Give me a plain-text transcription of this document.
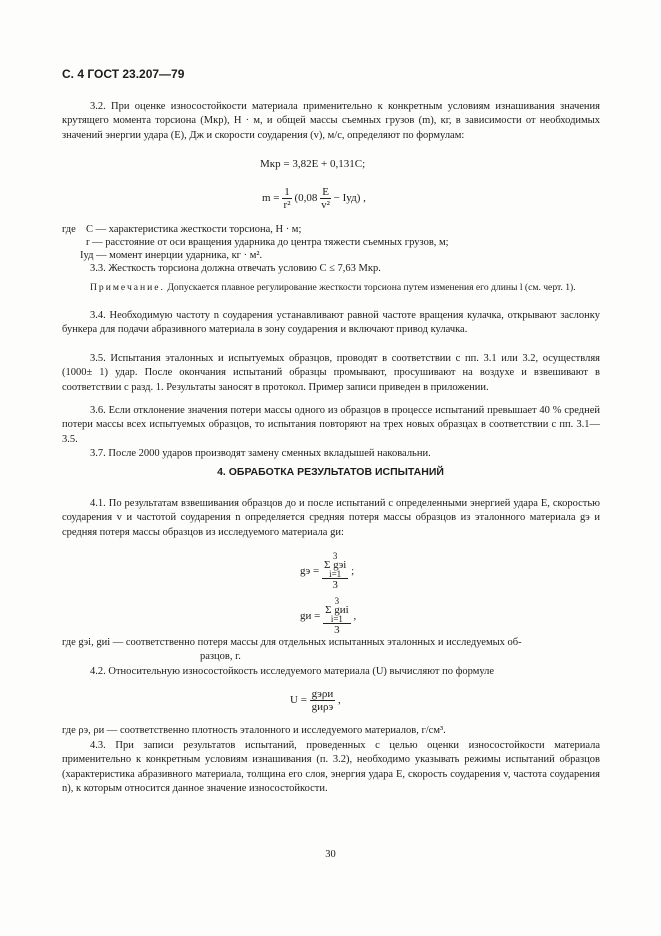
С. 4 ГОСТ 23.207—79

3.2. При оценке износостойкости материала применительно к конкретным условиям изнашивания значения крутящего момента торсиона (Mкр), Н · м, и общей массы съемных грузов (m), кг, в зависимости от необходимых значений энергии удара (E), Дж и скорости соударения (v), м/с, определяют по формулам:

Mкр = 3,82E + 0,131C;
$m = \frac{1}{\text{r²}} (0,08 \frac{E}{\text{v²}} - Iуд)$ ,
где C — характеристика жесткости торсиона, Н · м;
r — расстояние от оси вращения ударника до центра тяжести съемных грузов, м;
Iуд — момент инерции ударника, кг · м².

3.3. Жесткость торсиона должна отвечать условию C ≤ 7,63 Mкр.

Примечание. Допускается плавное регулирование жесткости торсиона путем изменения его длины l (см. черт. 1).

3.4. Необходимую частоту n соударения устанавливают равной частоте вращения кулачка, открывают заслонку бункера для подачи абразивного материала в зону соударения и включают привод кулачка.

3.5. Испытания эталонных и испытуемых образцов, проводят в соответствии с пп. 3.1 или 3.2, осуществляя (1000± 1) удар. После окончания испытаний образцы промывают, просушивают на воздухе и взвешивают в соответствии с разд. 1. Результаты заносят в протокол. Пример записи приведен в приложении.

3.6. Если отклонение значения потери массы одного из образцов в процессе испытаний превышает 40 % средней потери массы всех испытуемых образцов, то испытания повторяют на трех новых образцах в соответствии с пп. 3.1—3.5.

3.7. После 2000 ударов производят замену сменных вкладышей наковальни.

4. ОБРАБОТКА РЕЗУЛЬТАТОВ ИСПЫТАНИЙ

4.1. По результатам взвешивания образцов до и после испытаний с определенными энергией удара E, скоростью соударения v и частотой соударения n определяется средняя потеря массы образцов из эталонного материала gэ и средняя потеря массы образцов из исследуемого материала gи:

gэ = 3
Σ gэi
i=1
3 ;
gи = 3
Σ gиi
i=1
3 ,
где gэi, gиi — соответственно потеря массы для отдельных испытанных эталонных и исследуемых об-
разцов, г.

4.2. Относительную износостойкость исследуемого материала (U) вычисляют по формуле

$U = \frac{\text{gэρи}}{\text{gиρэ}}$ ,
где ρэ, ρи — соответственно плотность эталонного и исследуемого материалов, г/см³.

4.3. При записи результатов испытаний, проведенных с целью оценки износостойкости материала применительно к конкретным условиям изнашивания (п. 3.2), необходимо указывать режимы испытаний образцов (характеристика абразивного материала, толщина его слоя, энергия удара E, скорость соударения v, частота соударения n), к которым относится данное значение износостойкости.

30
